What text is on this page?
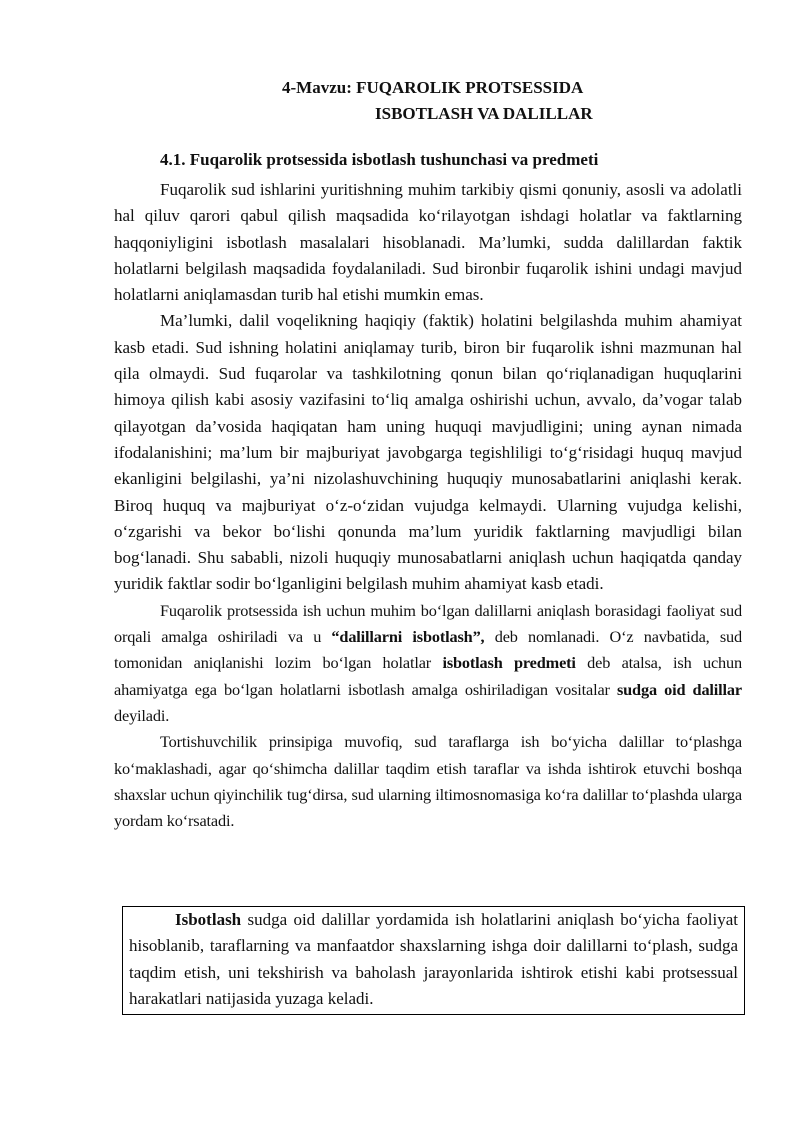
4-Mavzu: FUQAROLIK PROTSESSIDA
ISBOTLASH VA DALILLAR
4.1. Fuqarolik protsessida isbotlash tushunchasi va predmeti

Fuqarolik sud ishlarini yuritishning muhim tarkibiy qismi qonuniy, asosli va adolatli hal qiluv qarori qabul qilish maqsadida ko‘rilayotgan ishdagi holatlar va faktlarning haqqoniyligini isbotlash masalalari hisoblanadi. Ma’lumki, sudda dalillardan faktik holatlarni belgilash maqsadida foydalaniladi. Sud bironbir fuqarolik ishini undagi mavjud holatlarni aniqlamasdan turib hal etishi mumkin emas.

Ma’lumki, dalil voqelikning haqiqiy (faktik) holatini belgilashda muhim ahamiyat kasb etadi. Sud ishning holatini aniqlamay turib, biron bir fuqarolik ishni mazmunan hal qila olmaydi. Sud fuqarolar va tashkilotning qonun bilan qo‘riqlanadigan huquqlarini himoya qilish kabi asosiy vazifasini to‘liq amalga oshirishi uchun, avvalo, da’vogar talab qilayotgan da’vosida haqiqatan ham uning huquqi mavjudligini; uning aynan nimada ifodalanishini; ma’lum bir majburiyat javobgarga tegishliligi to‘g‘risidagi huquq mavjud ekanligini belgilashi, ya’ni nizolashuvchining huquqiy munosabatlarini aniqlashi kerak. Biroq huquq va majburiyat o‘z-o‘zidan vujudga kelmaydi. Ularning vujudga kelishi, o‘zgarishi va bekor bo‘lishi qonunda ma’lum yuridik faktlarning mavjudligi bilan bog‘lanadi. Shu sababli, nizoli huquqiy munosabatlarni aniqlash uchun haqiqatda qanday yuridik faktlar sodir bo‘lganligini belgilash muhim ahamiyat kasb etadi.

Fuqarolik protsessida ish uchun muhim bo‘lgan dalillarni aniqlash borasidagi faoliyat sud orqali amalga oshiriladi va u “dalillarni isbotlash”, deb nomlanadi. O‘z navbatida, sud tomonidan aniqlanishi lozim bo‘lgan holatlar isbotlash predmeti deb atalsa, ish uchun ahamiyatga ega bo‘lgan holatlarni isbotlash amalga oshiriladigan vositalar sudga oid dalillar deyiladi.

Tortishuvchilik prinsipiga muvofiq, sud taraflarga ish bo‘yicha dalillar to‘plashga ko‘maklashadi, agar qo‘shimcha dalillar taqdim etish taraflar va ishda ishtirok etuvchi boshqa shaxslar uchun qiyinchilik tug‘dirsa, sud ularning iltimosnomasiga ko‘ra dalillar to‘plashda ularga yordam ko‘rsatadi.

Isbotlash sudga oid dalillar yordamida ish holatlarini aniqlash bo‘yicha faoliyat hisoblanib, taraflarning va manfaatdor shaxslarning ishga doir dalillarni to‘plash, sudga taqdim etish, uni tekshirish va baholash jarayonlarida ishtirok etishi kabi protsessual harakatlari natijasida yuzaga keladi.
